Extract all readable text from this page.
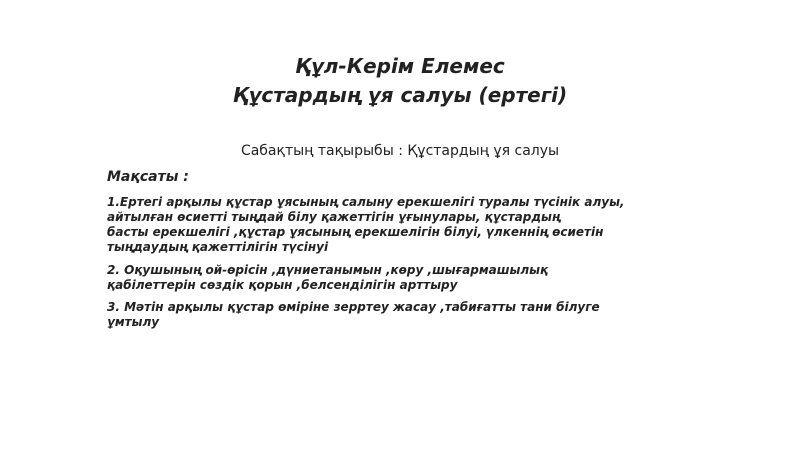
Құл-Керім Елемес
Құстардың ұя салуы (ертегі)
Сабақтың тақырыбы : Құстардың ұя салуы
Мақсаты :
1.Ертегі арқылы құстар ұясының салыну ерекшелігі туралы түсінік алуы,
айтылған өсиетті тыңдай білу қажеттігін ұғынулары, құстардың
басты ерекшелігі ,құстар ұясының ерекшелігін білуі, үлкеннің өсиетін
тыңдаудың қажеттілігін түсінуі
2. Оқушының ой-өрісін ,дүниетанымын ,көру ,шығармашылық
қабілеттерін сөздік қорын ,белсенділігін арттыру
3. Мәтін арқылы құстар өміріне зерртеу жасау ,табиғатты тани білуге
ұмтылу
